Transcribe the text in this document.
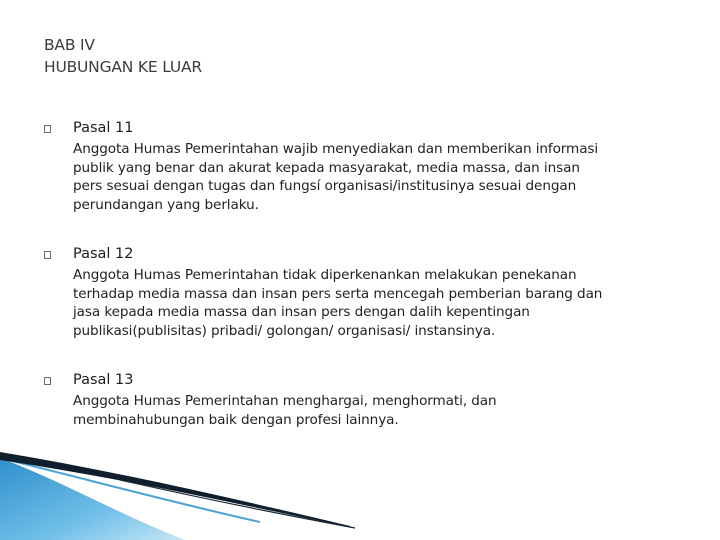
BAB IV
HUBUNGAN KE LUAR
Pasal 11
Anggota Humas Pemerintahan wajib menyediakan dan memberikan informasi
publik yang benar dan akurat kepada masyarakat, media massa, dan insan
pers sesuai dengan tugas dan fungsí organisasi/institusinya sesuai dengan
perundangan yang berlaku.
Pasal 12
Anggota Humas Pemerintahan tidak diperkenankan melakukan penekanan
terhadap media massa dan insan pers serta mencegah pemberian barang dan
jasa kepada media massa dan insan pers dengan dalih kepentingan
publikasi(publisitas) pribadi/ golongan/ organisasi/ instansinya.
Pasal 13
Anggota Humas Pemerintahan menghargai, menghormati, dan
membinahubungan baik dengan profesi lainnya.
